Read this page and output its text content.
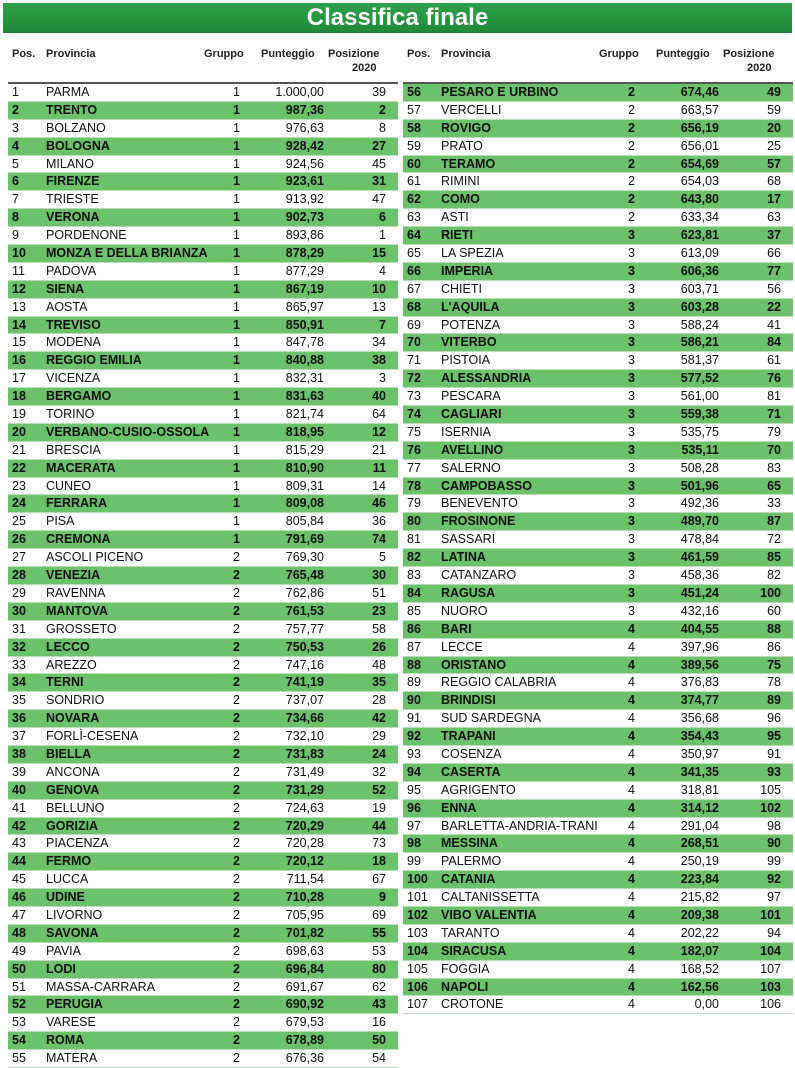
Classifica finale
Pos. Provincia	Gruppo Punteggio Posizione
2020
1	PARMA	1	1.000,00	39
2	TRENTO	1	987,36	2
3	BOLZANO	1	976,63	8
4	BOLOGNA	1	928,42	27
5	MILANO	1	924,56	45
6	FIRENZE	1	923,61	31
7	TRIESTE	1	913,92	47
8	VERONA	1	902,73	6
9	PORDENONE	1	893,86	1
10	MONZA E DELLA BRIANZA	1	878,29	15
11	PADOVA	1	877,29	4
12	SIENA	1	867,19	10
13	AOSTA	1	865,97	13
14	TREVISO	1	850,91	7
15	MODENA	1	847,78	34
16	REGGIO EMILIA	1	840,88	38
17	VICENZA	1	832,31	3
18	BERGAMO	1	831,63	40
19	TORINO	1	821,74	64
20	VERBANO-CUSIO-OSSOLA	1	818,95	12
21	BRESCIA	1	815,29	21
22	MACERATA	1	810,90	11
23	CUNEO	1	809,31	14
24	FERRARA	1	809,08	46
25	PISA	1	805,84	36
26	CREMONA	1	791,69	74
27	ASCOLI PICENO	2	769,30	5
28	VENEZIA	2	765,48	30
29	RAVENNA	2	762,86	51
30	MANTOVA	2	761,53	23
31	GROSSETO	2	757,77	58
32	LECCO	2	750,53	26
33	AREZZO	2	747,16	48
34	TERNI	2	741,19	35
35	SONDRIO	2	737,07	28
36	NOVARA	2	734,66	42
37	FORLÌ-CESENA	2	732,10	29
38	BIELLA	2	731,83	24
39	ANCONA	2	731,49	32
40	GENOVA	2	731,29	52
41	BELLUNO	2	724,63	19
42	GORIZIA	2	720,29	44
43	PIACENZA	2	720,28	73
44	FERMO	2	720,12	18
45	LUCCA	2	711,54	67
46	UDINE	2	710,28	9
47	LIVORNO	2	705,95	69
48	SAVONA	2	701,82	55
49	PAVIA	2	698,63	53
50	LODI	2	696,84	80
51	MASSA-CARRARA	2	691,67	62
52	PERUGIA	2	690,92	43
53	VARESE	2	679,53	16
54	ROMA	2	678,89	50
55	MATERA	2	676,36	54
Pos. Provincia	Gruppo Punteggio Posizione
2020
56	PESARO E URBINO	2	674,46	49
57	VERCELLI	2	663,57	59
58	ROVIGO	2	656,19	20
59	PRATO	2	656,01	25
60	TERAMO	2	654,69	57
61	RIMINI	2	654,03	68
62	COMO	2	643,80	17
63	ASTI	2	633,34	63
64	RIETI	3	623,81	37
65	LA SPEZIA	3	613,09	66
66	IMPERIA	3	606,36	77
67	CHIETI	3	603,71	56
68	L'AQUILA	3	603,28	22
69	POTENZA	3	588,24	41
70	VITERBO	3	586,21	84
71	PISTOIA	3	581,37	61
72	ALESSANDRIA	3	577,52	76
73	PESCARA	3	561,00	81
74	CAGLIARI	3	559,38	71
75	ISERNIA	3	535,75	79
76	AVELLINO	3	535,11	70
77	SALERNO	3	508,28	83
78	CAMPOBASSO	3	501,96	65
79	BENEVENTO	3	492,36	33
80	FROSINONE	3	489,70	87
81	SASSARI	3	478,84	72
82	LATINA	3	461,59	85
83	CATANZARO	3	458,36	82
84	RAGUSA	3	451,24	100
85	NUORO	3	432,16	60
86	BARI	4	404,55	88
87	LECCE	4	397,96	86
88	ORISTANO	4	389,56	75
89	REGGIO CALABRIA	4	376,83	78
90	BRINDISI	4	374,77	89
91	SUD SARDEGNA	4	356,68	96
92	TRAPANI	4	354,43	95
93	COSENZA	4	350,97	91
94	CASERTA	4	341,35	93
95	AGRIGENTO	4	318,81	105
96	ENNA	4	314,12	102
97	BARLETTA-ANDRIA-TRANI	4	291,04	98
98	MESSINA	4	268,51	90
99	PALERMO	4	250,19	99
100	CATANIA	4	223,84	92
101	CALTANISSETTA	4	215,82	97
102	VIBO VALENTIA	4	209,38	101
103	TARANTO	4	202,22	94
104	SIRACUSA	4	182,07	104
105	FOGGIA	4	168,52	107
106	NAPOLI	4	162,56	103
107	CROTONE	4	0,00	106
